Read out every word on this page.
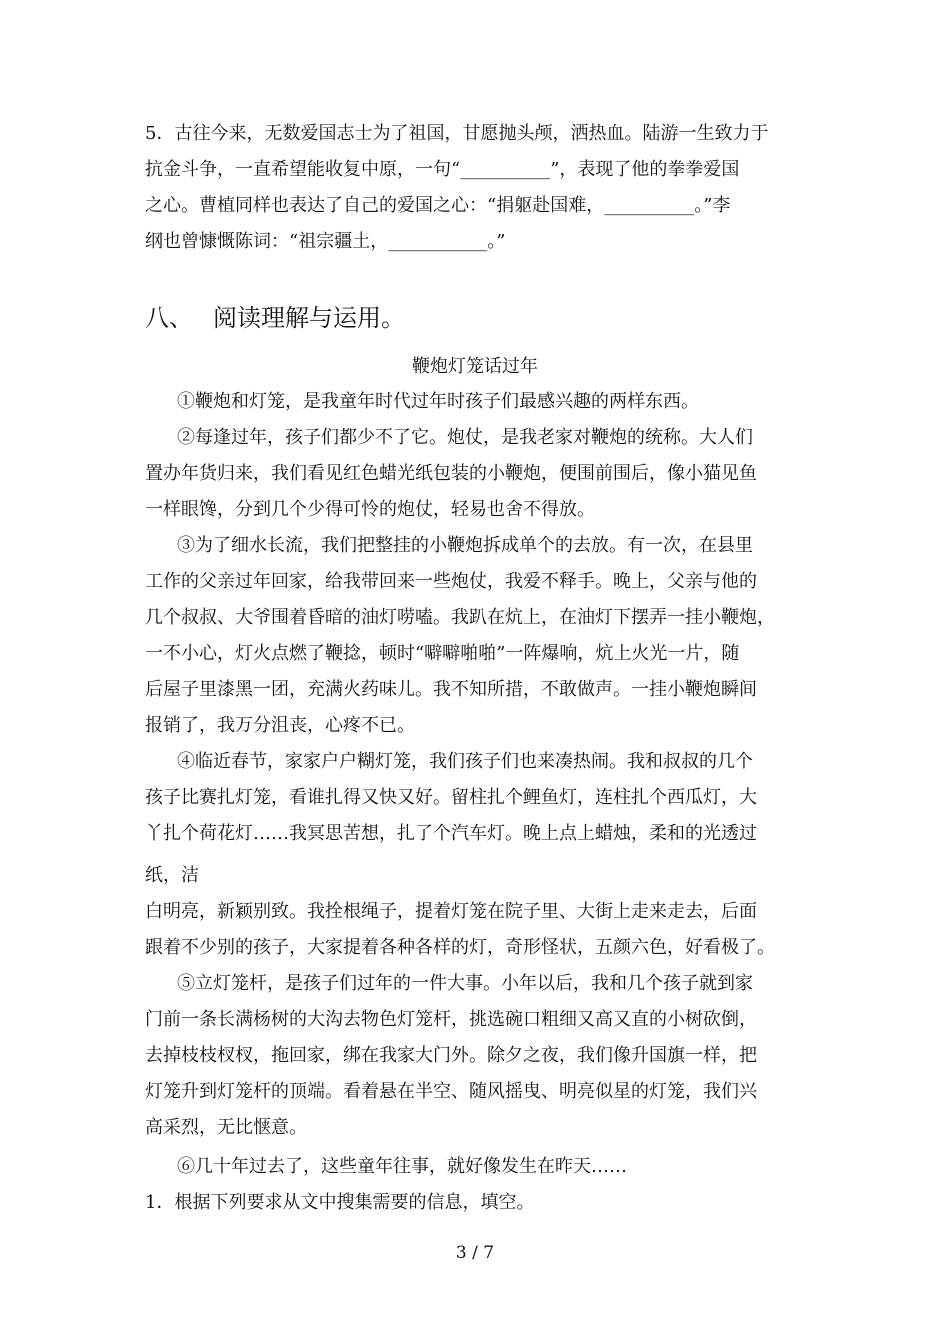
5．古往今来，无数爱国志士为了祖国，甘愿抛头颅，洒热血。陆游一生致力于
抗金斗争，一直希望能收复中原，一句“__________”，表现了他的拳拳爱国
之心。曹植同样也表达了自己的爱国之心：“捐躯赴国难，__________。”李
纲也曾慷慨陈词：“祖宗疆土，___________。”
八、 阅读理解与运用。
鞭炮灯笼话过年
①鞭炮和灯笼，是我童年时代过年时孩子们最感兴趣的两样东西。
②每逢过年，孩子们都少不了它。炮仗，是我老家对鞭炮的统称。大人们
置办年货归来，我们看见红色蜡光纸包装的小鞭炮，便围前围后，像小猫见鱼
一样眼馋，分到几个少得可怜的炮仗，轻易也舍不得放。
③为了细水长流，我们把整挂的小鞭炮拆成单个的去放。有一次，在县里
工作的父亲过年回家，给我带回来一些炮仗，我爱不释手。晚上，父亲与他的
几个叔叔、大爷围着昏暗的油灯唠嗑。我趴在炕上，在油灯下摆弄一挂小鞭炮，
一不小心，灯火点燃了鞭捻，顿时“噼噼啪啪”一阵爆响，炕上火光一片，随
后屋子里漆黑一团，充满火药味儿。我不知所措，不敢做声。一挂小鞭炮瞬间
报销了，我万分沮丧，心疼不已。
④临近春节，家家户户糊灯笼，我们孩子们也来凑热闹。我和叔叔的几个
孩子比赛扎灯笼，看谁扎得又快又好。留柱扎个鲤鱼灯，连柱扎个西瓜灯，大
丫扎个荷花灯……我冥思苦想，扎了个汽车灯。晚上点上蜡烛，柔和的光透过
纸，洁
白明亮，新颖别致。我拴根绳子，提着灯笼在院子里、大街上走来走去，后面
跟着不少别的孩子，大家提着各种各样的灯，奇形怪状，五颜六色，好看极了。
⑤立灯笼杆，是孩子们过年的一件大事。小年以后，我和几个孩子就到家
门前一条长满杨树的大沟去物色灯笼杆，挑选碗口粗细又高又直的小树砍倒，
去掉枝枝杈杈，拖回家，绑在我家大门外。除夕之夜，我们像升国旗一样，把
灯笼升到灯笼杆的顶端。看着悬在半空、随风摇曳、明亮似星的灯笼，我们兴
高采烈，无比惬意。
⑥几十年过去了，这些童年往事，就好像发生在昨天……
1．根据下列要求从文中搜集需要的信息，填空。
3 / 7
